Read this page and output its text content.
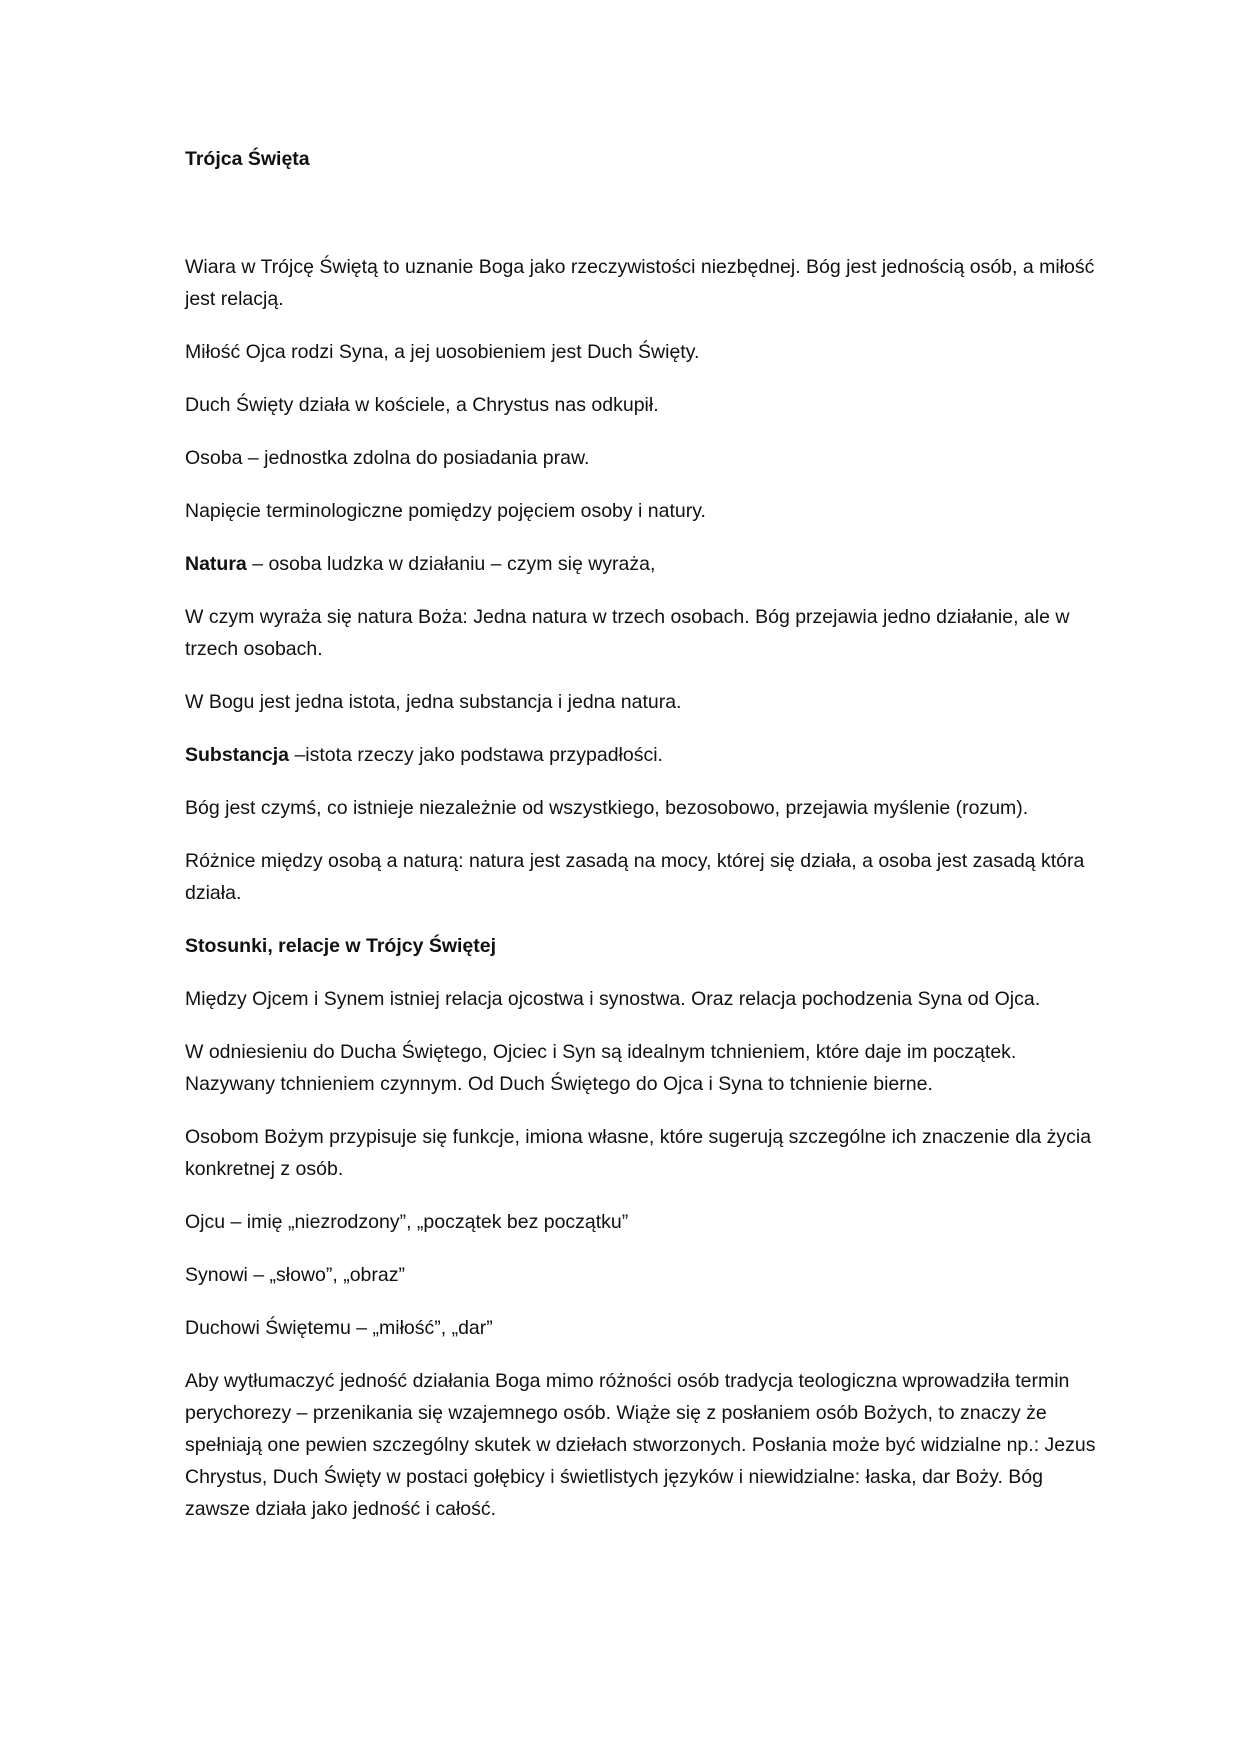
Trójca Święta

Wiara w Trójcę Świętą to uznanie Boga jako rzeczywistości niezbędnej. Bóg jest jednością osób, a miłość jest relacją.

Miłość Ojca rodzi Syna, a jej uosobieniem jest Duch Święty.

Duch Święty działa w kościele, a Chrystus nas odkupił.

Osoba – jednostka zdolna do posiadania praw.

Napięcie terminologiczne pomiędzy pojęciem osoby i natury.

Natura – osoba ludzka w działaniu – czym się wyraża,

W czym wyraża się natura Boża: Jedna natura w trzech osobach. Bóg przejawia jedno działanie, ale w trzech osobach.

W Bogu jest jedna istota, jedna substancja i jedna natura.

Substancja –istota rzeczy jako podstawa przypadłości.

Bóg jest czymś, co istnieje niezależnie od wszystkiego, bezosobowo, przejawia myślenie (rozum).

Różnice między osobą a naturą: natura jest zasadą na mocy, której się działa, a osoba jest zasadą która działa.

Stosunki, relacje w Trójcy Świętej

Między Ojcem i Synem istniej relacja ojcostwa i synostwa. Oraz relacja pochodzenia Syna od Ojca.

W odniesieniu do Ducha Świętego, Ojciec i Syn są idealnym tchnieniem, które daje im początek. Nazywany tchnieniem czynnym. Od Duch Świętego do Ojca i Syna to tchnienie bierne.

Osobom Bożym przypisuje się funkcje, imiona własne, które sugerują szczególne ich znaczenie dla życia konkretnej z osób.

Ojcu – imię „niezrodzony”, „początek bez początku”

Synowi – „słowo”, „obraz”

Duchowi Świętemu – „miłość”, „dar”

Aby wytłumaczyć jedność działania Boga mimo różności osób tradycja teologiczna wprowadziła termin perychorezy – przenikania się wzajemnego osób. Wiąże się z posłaniem osób Bożych, to znaczy że spełniają one pewien szczególny skutek w dziełach stworzonych. Posłania może być widzialne np.: Jezus Chrystus, Duch Święty w postaci gołębicy i świetlistych języków i niewidzialne: łaska, dar Boży. Bóg zawsze działa jako jedność i całość.
